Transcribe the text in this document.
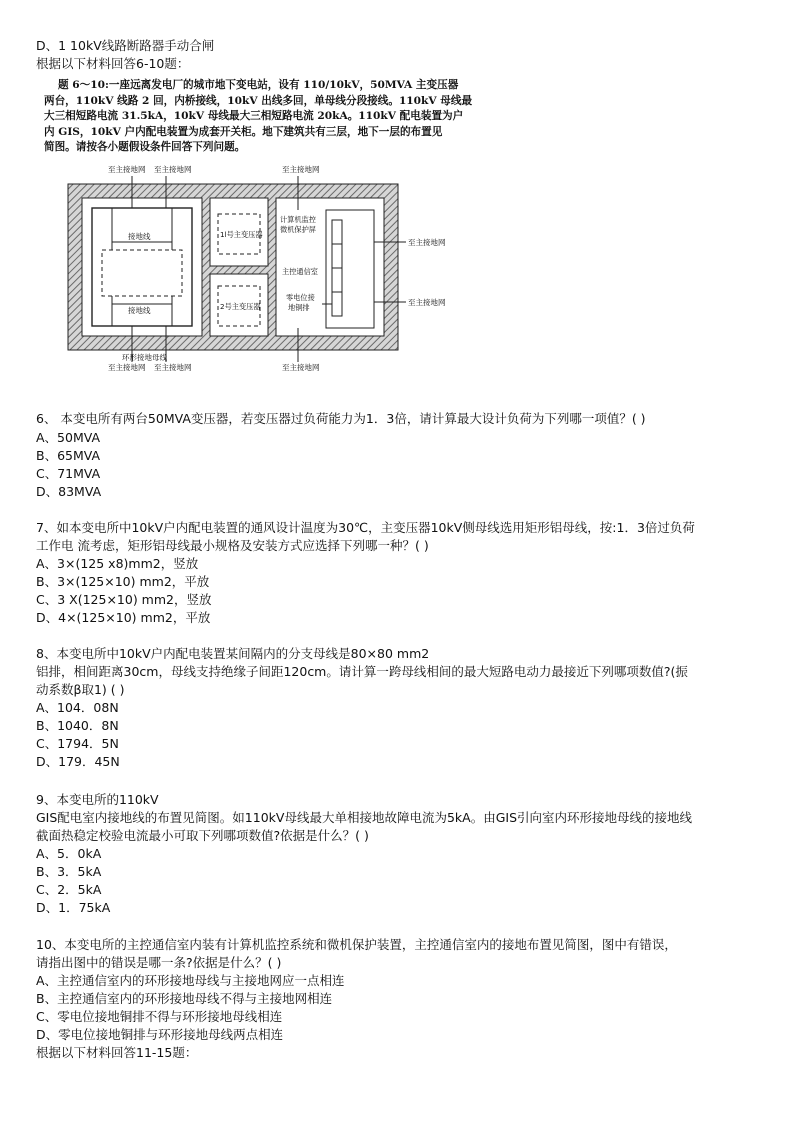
D、1 10kV线路断路器手动合闸
根据以下材料回答6-10题：
题 6～10:一座远离发电厂的城市地下变电站，设有 110/10kV，50MVA 主变压器
两台，110kV 线路 2 回，内桥接线，10kV 出线多回，单母线分段接线。110kV 母线最
大三相短路电流 31.5kA，10kV 母线最大三相短路电流 20kA。110kV 配电装置为户
内 GIS，10kV 户内配电装置为成套开关柜。地下建筑共有三层，地下一层的布置见
简图。请按各小题假设条件回答下列问题。
至主接地网 至主接地网	至主接地网
至主接地网
至主接地网
至主接地网 至主接地网	至主接地网
接地线
接地线
1l号主变压器
2号主变压器
计算机监控
微机保护屏
主控通信室
零电位接
地铜排
环形接地母线
6、 本变电所有两台50MVA变压器，若变压器过负荷能力为1．3倍，请计算最大设计负荷为下列哪一项值？( )
A、50MVA
B、65MVA
C、71MVA
D、83MVA
7、如本变电所中10kV户内配电装置的通风设计温度为30℃，主变压器10kV侧母线选用矩形铝母线，按:1．3倍过负荷
工作电 流考虑，矩形铝母线最小规格及安装方式应选择下列哪一种？( )
A、3×(125 x8)mm2，竖放
B、3×(125×10) mm2，平放
C、3 X(125×10) mm2，竖放
D、4×(125×10) mm2，平放
8、本变电所中10kV户内配电装置某间隔内的分支母线是80×80 mm2
铝排，相间距离30cm，母线支持绝缘子间距120cm。请计算一跨母线相间的最大短路电动力最接近下列哪项数值?(振
动系数β取1) ( )
A、104．08N
B、1040．8N
C、1794．5N
D、179．45N
9、本变电所的110kV
GIS配电室内接地线的布置见简图。如110kV母线最大单相接地故障电流为5kA。由GIS引向室内环形接地母线的接地线
截面热稳定校验电流最小可取下列哪项数值?依据是什么？( )
A、5．0kA
B、3．5kA
C、2．5kA
D、1．75kA
10、本变电所的主控通信室内装有计算机监控系统和微机保护装置，主控通信室内的接地布置见简图，图中有错误，
请指出图中的错误是哪一条?依据是什么？( )
A、主控通信室内的环形接地母线与主接地网应一点相连
B、主控通信室内的环形接地母线不得与主接地网相连
C、零电位接地铜排不得与环形接地母线相连
D、零电位接地铜排与环形接地母线两点相连
根据以下材料回答11-15题：
